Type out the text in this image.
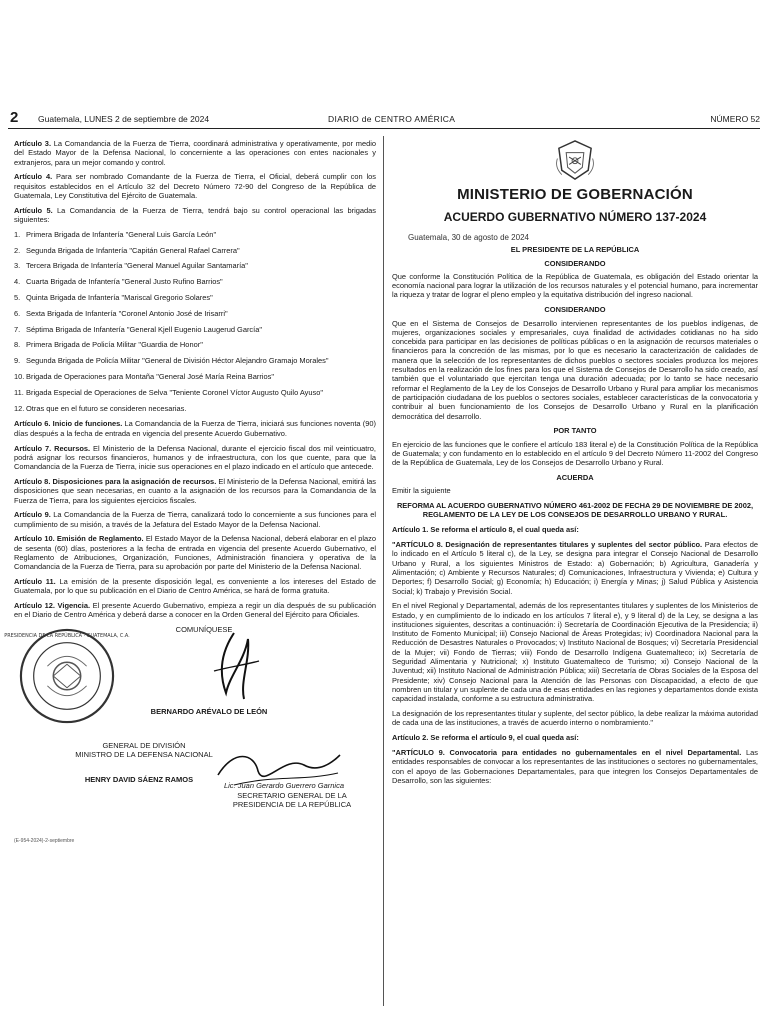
2 Guatemala, LUNES 2 de septiembre de 2024	DIARIO de CENTRO AMÉRICA	NÚMERO 52

Artículo 3. La Comandancia de la Fuerza de Tierra, coordinará administrativa y operativamente, por medio del Estado Mayor de la Defensa Nacional, lo concerniente a las operaciones con entes nacionales y extranjeros, para un mejor comando y control.

Artículo 4. Para ser nombrado Comandante de la Fuerza de Tierra, el Oficial, deberá cumplir con los requisitos establecidos en el Artículo 32 del Decreto Número 72-90 del Congreso de la República de Guatemala, Ley Constitutiva del Ejército de Guatemala.

Artículo 5. La Comandancia de la Fuerza de Tierra, tendrá bajo su control operacional las brigadas siguientes:

1. Primera Brigada de Infantería "General Luis García León"
2. Segunda Brigada de Infantería "Capitán General Rafael Carrera"
3. Tercera Brigada de Infantería "General Manuel Aguilar Santamaría"
4. Cuarta Brigada de Infantería "General Justo Rufino Barrios"
5. Quinta Brigada de Infantería "Mariscal Gregorio Solares"
6. Sexta Brigada de Infantería "Coronel Antonio José de Irisarri"
7. Séptima Brigada de Infantería "General Kjell Eugenio Laugerud García"
8. Primera Brigada de Policía Militar "Guardia de Honor"
9. Segunda Brigada de Policía Militar "General de División Héctor Alejandro Gramajo Morales"
10. Brigada de Operaciones para Montaña "General José María Reina Barrios"
11. Brigada Especial de Operaciones de Selva "Teniente Coronel Víctor Augusto Quilo Ayuso"
12. Otras que en el futuro se consideren necesarias.

Artículo 6. Inicio de funciones. La Comandancia de la Fuerza de Tierra, iniciará sus funciones noventa (90) días después a la fecha de entrada en vigencia del presente Acuerdo Gubernativo.

Artículo 7. Recursos. El Ministerio de la Defensa Nacional, durante el ejercicio fiscal dos mil veinticuatro, podrá asignar los recursos financieros, humanos y de infraestructura, con los que cuente, para que la Comandancia de la Fuerza de Tierra, inicie sus operaciones en el plazo indicado en el artículo que antecede.

Artículo 8. Disposiciones para la asignación de recursos. El Ministerio de la Defensa Nacional, emitirá las disposiciones que sean necesarias, en cuanto a la asignación de los recursos para la Comandancia de la Fuerza de Tierra, para los siguientes ejercicios fiscales.

Artículo 9. La Comandancia de la Fuerza de Tierra, canalizará todo lo concerniente a sus funciones para el cumplimiento de su misión, a través de la Jefatura del Estado Mayor de la Defensa Nacional.

Artículo 10. Emisión de Reglamento. El Estado Mayor de la Defensa Nacional, deberá elaborar en el plazo de sesenta (60) días, posteriores a la fecha de entrada en vigencia del presente Acuerdo Gubernativo, el Reglamento de Atribuciones, Organización, Funciones, Administración financiera y operativa de la Comandancia de la Fuerza de Tierra, para su aprobación por parte del Ministerio de la Defensa Nacional.

Artículo 11. La emisión de la presente disposición legal, es conveniente a los intereses del Estado de Guatemala, por lo que su publicación en el Diario de Centro América, se hará de forma gratuita.

Artículo 12. Vigencia. El presente Acuerdo Gubernativo, empieza a regir un día después de su publicación en el Diario de Centro América y deberá darse a conocer en la Orden General del Ejército para Oficiales.

PRESIDENCIA DE LA REPÚBLICA · GUATEMALA, C.A.
COMUNÍQUESE
BERNARDO ARÉVALO DE LEÓN
GENERAL DE DIVISIÓN
MINISTRO DE LA DEFENSA NACIONAL
HENRY DAVID SÁENZ RAMOS
Lic. Juan Gerardo Guerrero Garnica
SECRETARIO GENERAL DE LA PRESIDENCIA DE LA REPÚBLICA
(E-954-2024)-2-septiembre
MINISTERIO DE GOBERNACIÓN
ACUERDO GUBERNATIVO NÚMERO 137-2024
Guatemala, 30 de agosto de 2024
EL PRESIDENTE DE LA REPÚBLICA
CONSIDERANDO

Que conforme la Constitución Política de la República de Guatemala, es obligación del Estado orientar la economía nacional para lograr la utilización de los recursos naturales y el potencial humano, para incrementar la riqueza y tratar de lograr el pleno empleo y la equitativa distribución del ingreso nacional.

CONSIDERANDO

Que en el Sistema de Consejos de Desarrollo intervienen representantes de los pueblos indígenas, de mujeres, organizaciones sociales y empresariales, cuya finalidad de actividades cotidianas no ha sido concebida para participar en las decisiones de políticas públicas o en la asignación de recursos materiales o financieros para la concreción de las mismas, por lo que es necesario la caracterización de calidades de manera que la selección de los representantes de dichos pueblos o sectores sociales produzca los mejores resultados en la realización de los fines para los que el Sistema de Consejos de Desarrollo ha sido creado, así también que el voluntariado que ejercitan tenga una duración adecuada; por lo tanto se hace necesario reformar el Reglamento de la Ley de los Consejos de Desarrollo Urbano y Rural para ampliar los mecanismos de participación ciudadana de los pueblos o sectores sociales, establecer características de la convocatoria y contribuir al buen funcionamiento de los Consejos de Desarrollo Urbano y Rural en la planificación democrática del desarrollo.

POR TANTO

En ejercicio de las funciones que le confiere el artículo 183 literal e) de la Constitución Política de la República de Guatemala; y con fundamento en lo establecido en el artículo 9 del Decreto Número 11-2002 del Congreso de la República de Guatemala, Ley de los Consejos de Desarrollo Urbano y Rural.

ACUERDA

Emitir la siguiente

REFORMA AL ACUERDO GUBERNATIVO NÚMERO 461-2002 DE FECHA 29 DE NOVIEMBRE DE 2002, REGLAMENTO DE LA LEY DE LOS CONSEJOS DE DESARROLLO URBANO Y RURAL.

Artículo 1. Se reforma el artículo 8, el cual queda así:

"ARTÍCULO 8. Designación de representantes titulares y suplentes del sector público. Para efectos de lo indicado en el Artículo 5 literal c), de la Ley, se designa para integrar el Consejo Nacional de Desarrollo Urbano y Rural, a los siguientes Ministros de Estado: a) Gobernación; b) Agricultura, Ganadería y Alimentación; c) Ambiente y Recursos Naturales; d) Comunicaciones, Infraestructura y Vivienda; e) Cultura y Deportes; f) Desarrollo Social; g) Economía; h) Educación; i) Energía y Minas; j) Salud Pública y Asistencia Social; k) Trabajo y Previsión Social.

En el nivel Regional y Departamental, además de los representantes titulares y suplentes de los Ministerios de Estado, y en cumplimiento de lo indicado en los artículos 7 literal e), y 9 literal d) de la Ley, se designa a las instituciones siguientes, descritas a continuación: i) Secretaría de Coordinación Ejecutiva de la Presidencia; ii) Instituto de Fomento Municipal; iii) Consejo Nacional de Áreas Protegidas; iv) Coordinadora Nacional para la Reducción de Desastres Naturales o Provocados; v) Instituto Nacional de Bosques; vi) Secretaría Presidencial de la Mujer; vii) Fondo de Tierras; viii) Fondo de Desarrollo Indígena Guatemalteco; ix) Secretaría de Seguridad Alimentaria y Nutricional; x) Instituto Guatemalteco de Turismo; xi) Consejo Nacional de la Juventud; xii) Instituto Nacional de Administración Pública; xiii) Secretaría de Obras Sociales de la Esposa del Presidente; xiv) Consejo Nacional para la Atención de las Personas con Discapacidad, a efecto de que nombren un titular y un suplente de cada una de esas entidades en las regiones y departamentos donde exista capacidad instalada, conforme a su estructura administrativa.

La designación de los representantes titular y suplente, del sector público, la debe realizar la máxima autoridad de cada una de las instituciones, a través de acuerdo interno o nombramiento."

Artículo 2. Se reforma el artículo 9, el cual queda así:

"ARTÍCULO 9. Convocatoria para entidades no gubernamentales en el nivel Departamental. Las entidades responsables de convocar a los representantes de las instituciones o sectores no gubernamentales, con el apoyo de las Gobernaciones Departamentales, para que integren los Consejos Departamentales de Desarrollo, son las siguientes:
